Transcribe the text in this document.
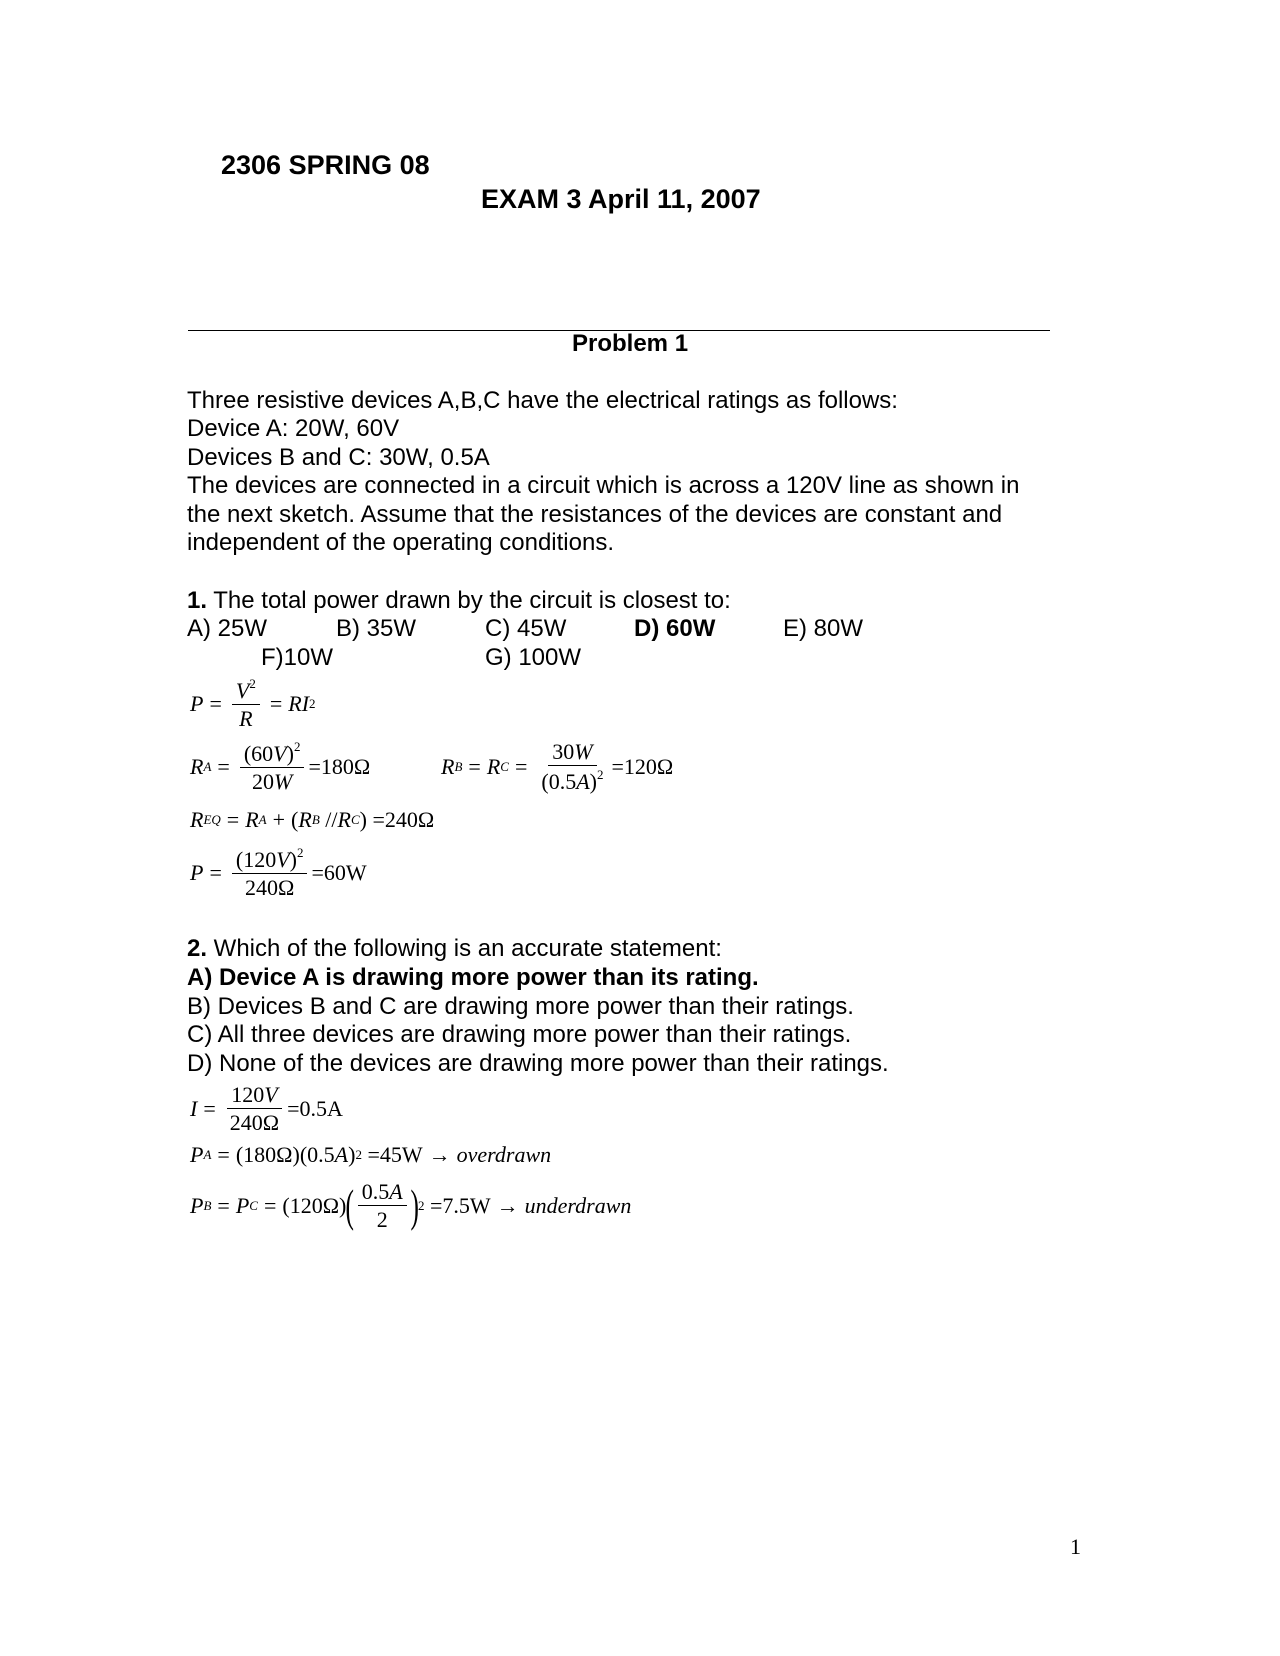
2306 SPRING 08
EXAM 3 April 11, 2007
Problem 1
Three resistive devices A,B,C have the electrical ratings as follows:
Device A: 20W, 60V
Devices B and C: 30W, 0.5A
The devices are connected in a circuit which is across a 120V line as shown in
the next sketch. Assume that the resistances of the devices are constant and
independent of the operating conditions.
1. The total power drawn by the circuit is closest to:
A) 25W	B) 35W	C) 45W	D) 60W	E) 80W
F)10W	G) 100W
$P = \frac{V^2}{R}$ = RI 2
R $A = \frac{(60V)^2}{20W} =180\Omega$	R B = R $C = \frac{30W}{(0.5A)^2} =120\Omega$
R EQ = R A + ( R B // R C ) =240Ω
$P = \frac{(120V)^2}{240\Omega} =60W$
2. Which of the following is an accurate statement:
A) Device A is drawing more power than its rating.
B) Devices B and C are drawing more power than their ratings.
C) All three devices are drawing more power than their ratings.
D) None of the devices are drawing more power than their ratings.
$I = \frac{120V}{240\Omega} =0.5A$
P A = (180Ω)(0.5 A ) 2
=45W → overdrawn
P B = P C = (120Ω) ( $\frac{0.5A}{2}$ ) 2
=7.5W → underdrawn
1
